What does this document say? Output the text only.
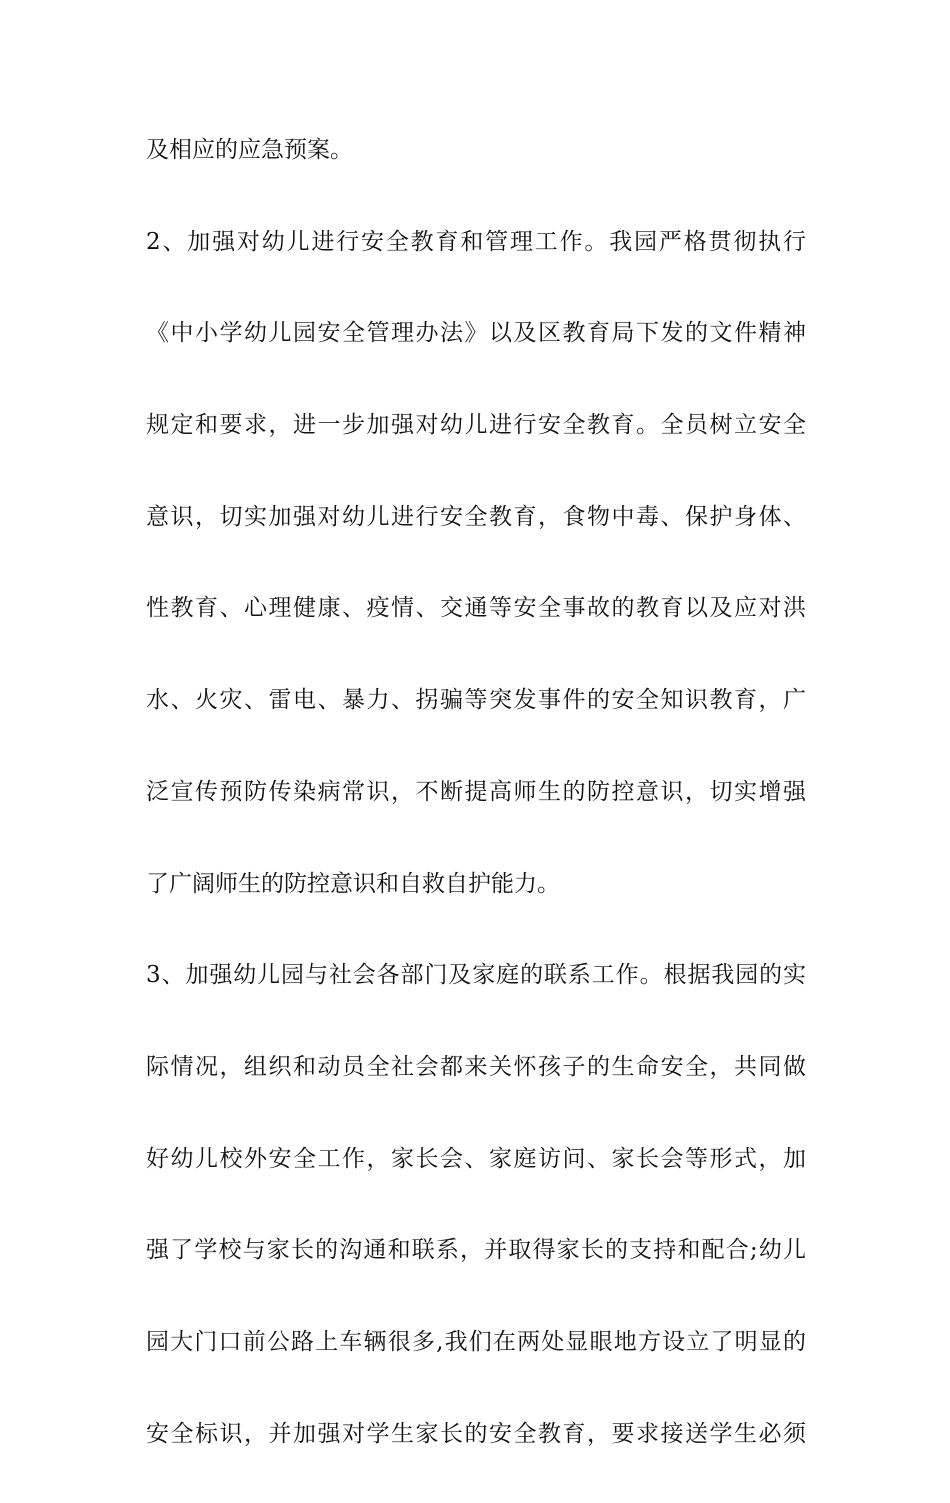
及相应的应急预案。
2、加强对幼儿进行安全教育和管理工作。我园严格贯彻执行
《中小学幼儿园安全管理办法》以及区教育局下发的文件精神
规定和要求，进一步加强对幼儿进行安全教育。全员树立安全
意识，切实加强对幼儿进行安全教育，食物中毒、保护身体、
性教育、心理健康、疫情、交通等安全事故的教育以及应对洪
水、火灾、雷电、暴力、拐骗等突发事件的安全知识教育，广
泛宣传预防传染病常识，不断提高师生的防控意识，切实增强
了广阔师生的防控意识和自救自护能力。
3、加强幼儿园与社会各部门及家庭的联系工作。根据我园的实
际情况，组织和动员全社会都来关怀孩子的生命安全，共同做
好幼儿校外安全工作，家长会、家庭访问、家长会等形式，加
强了学校与家长的沟通和联系，并取得家长的支持和配合;幼儿
园大门口前公路上车辆很多,我们在两处显眼地方设立了明显的
安全标识，并加强对学生家长的安全教育，要求接送学生必须
